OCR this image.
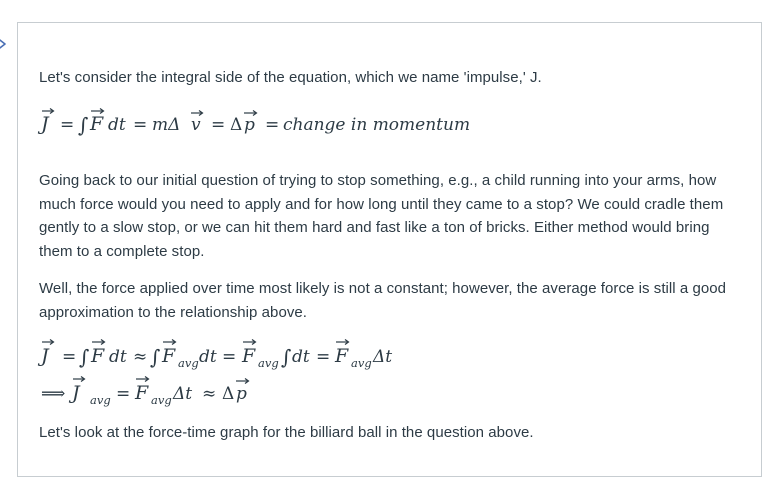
Let's consider the integral side of the equation, which we name 'impulse,' J.

J = ∫ F dt = mΔ v = Δ p = change in momentum

Going back to our initial question of trying to stop something, e.g., a child running into your arms, how much force would you need to apply and for how long until they came to a stop? We could cradle them gently to a slow stop, or we can hit them hard and fast like a ton of bricks. Either method would bring them to a complete stop.

Well, the force applied over time most likely is not a constant; however, the average force is still a good approximation to the relationship above.

J = ∫ F dt ≈ ∫ F avg dt = F avg ∫ dt = F avg Δt
⟹ J avg = F avg Δt ≈ Δ p

Let's look at the force-time graph for the billiard ball in the question above.
